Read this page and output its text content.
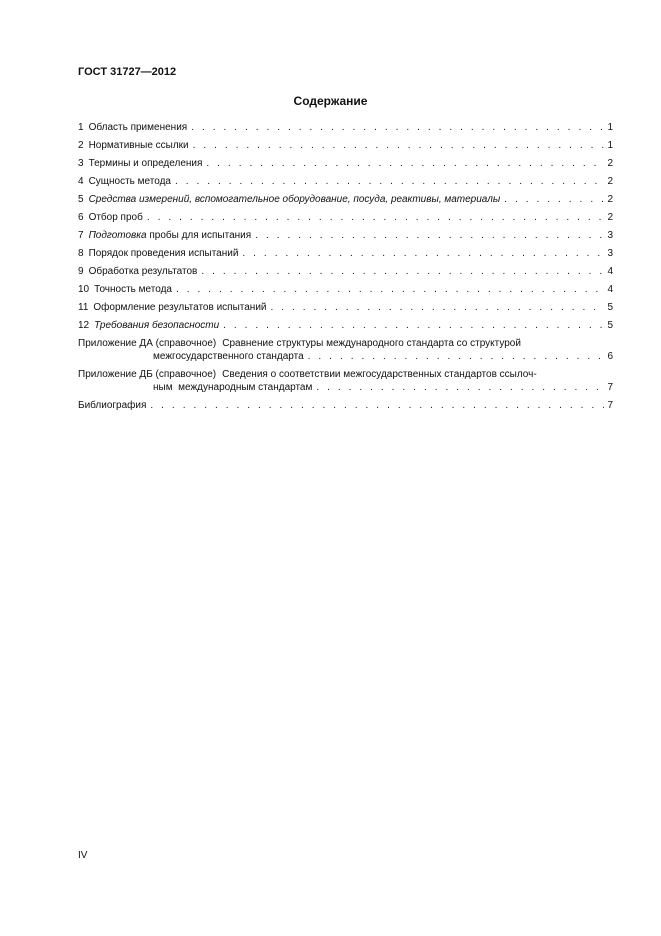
ГОСТ 31727—2012
Содержание
1 Область применения . . .	1
2 Нормативные ссылки . . .	1
3 Термины и определения . . .	2
4 Сущность метода . . .	2
5 Средства измерений, вспомогательное оборудование, посуда, реактивы, материалы . . .	2
6 Отбор проб . . .	2
7 Подготовка пробы для испытания . . .	3
8 Порядок проведения испытаний . . .	3
9 Обработка результатов . . .	4
10 Точность метода . . .	4
11 Оформление результатов испытаний . . .	5
12 Требования безопасности . . .	5
Приложение ДА (справочное) Сравнение структуры международного стандарта со структурой
межгосударственного стандарта . . .	6
Приложение ДБ (справочное) Сведения о соответствии межгосударственных стандартов ссылоч-
ным  международным стандартам . . .	7
Библиография . . .	7
IV
